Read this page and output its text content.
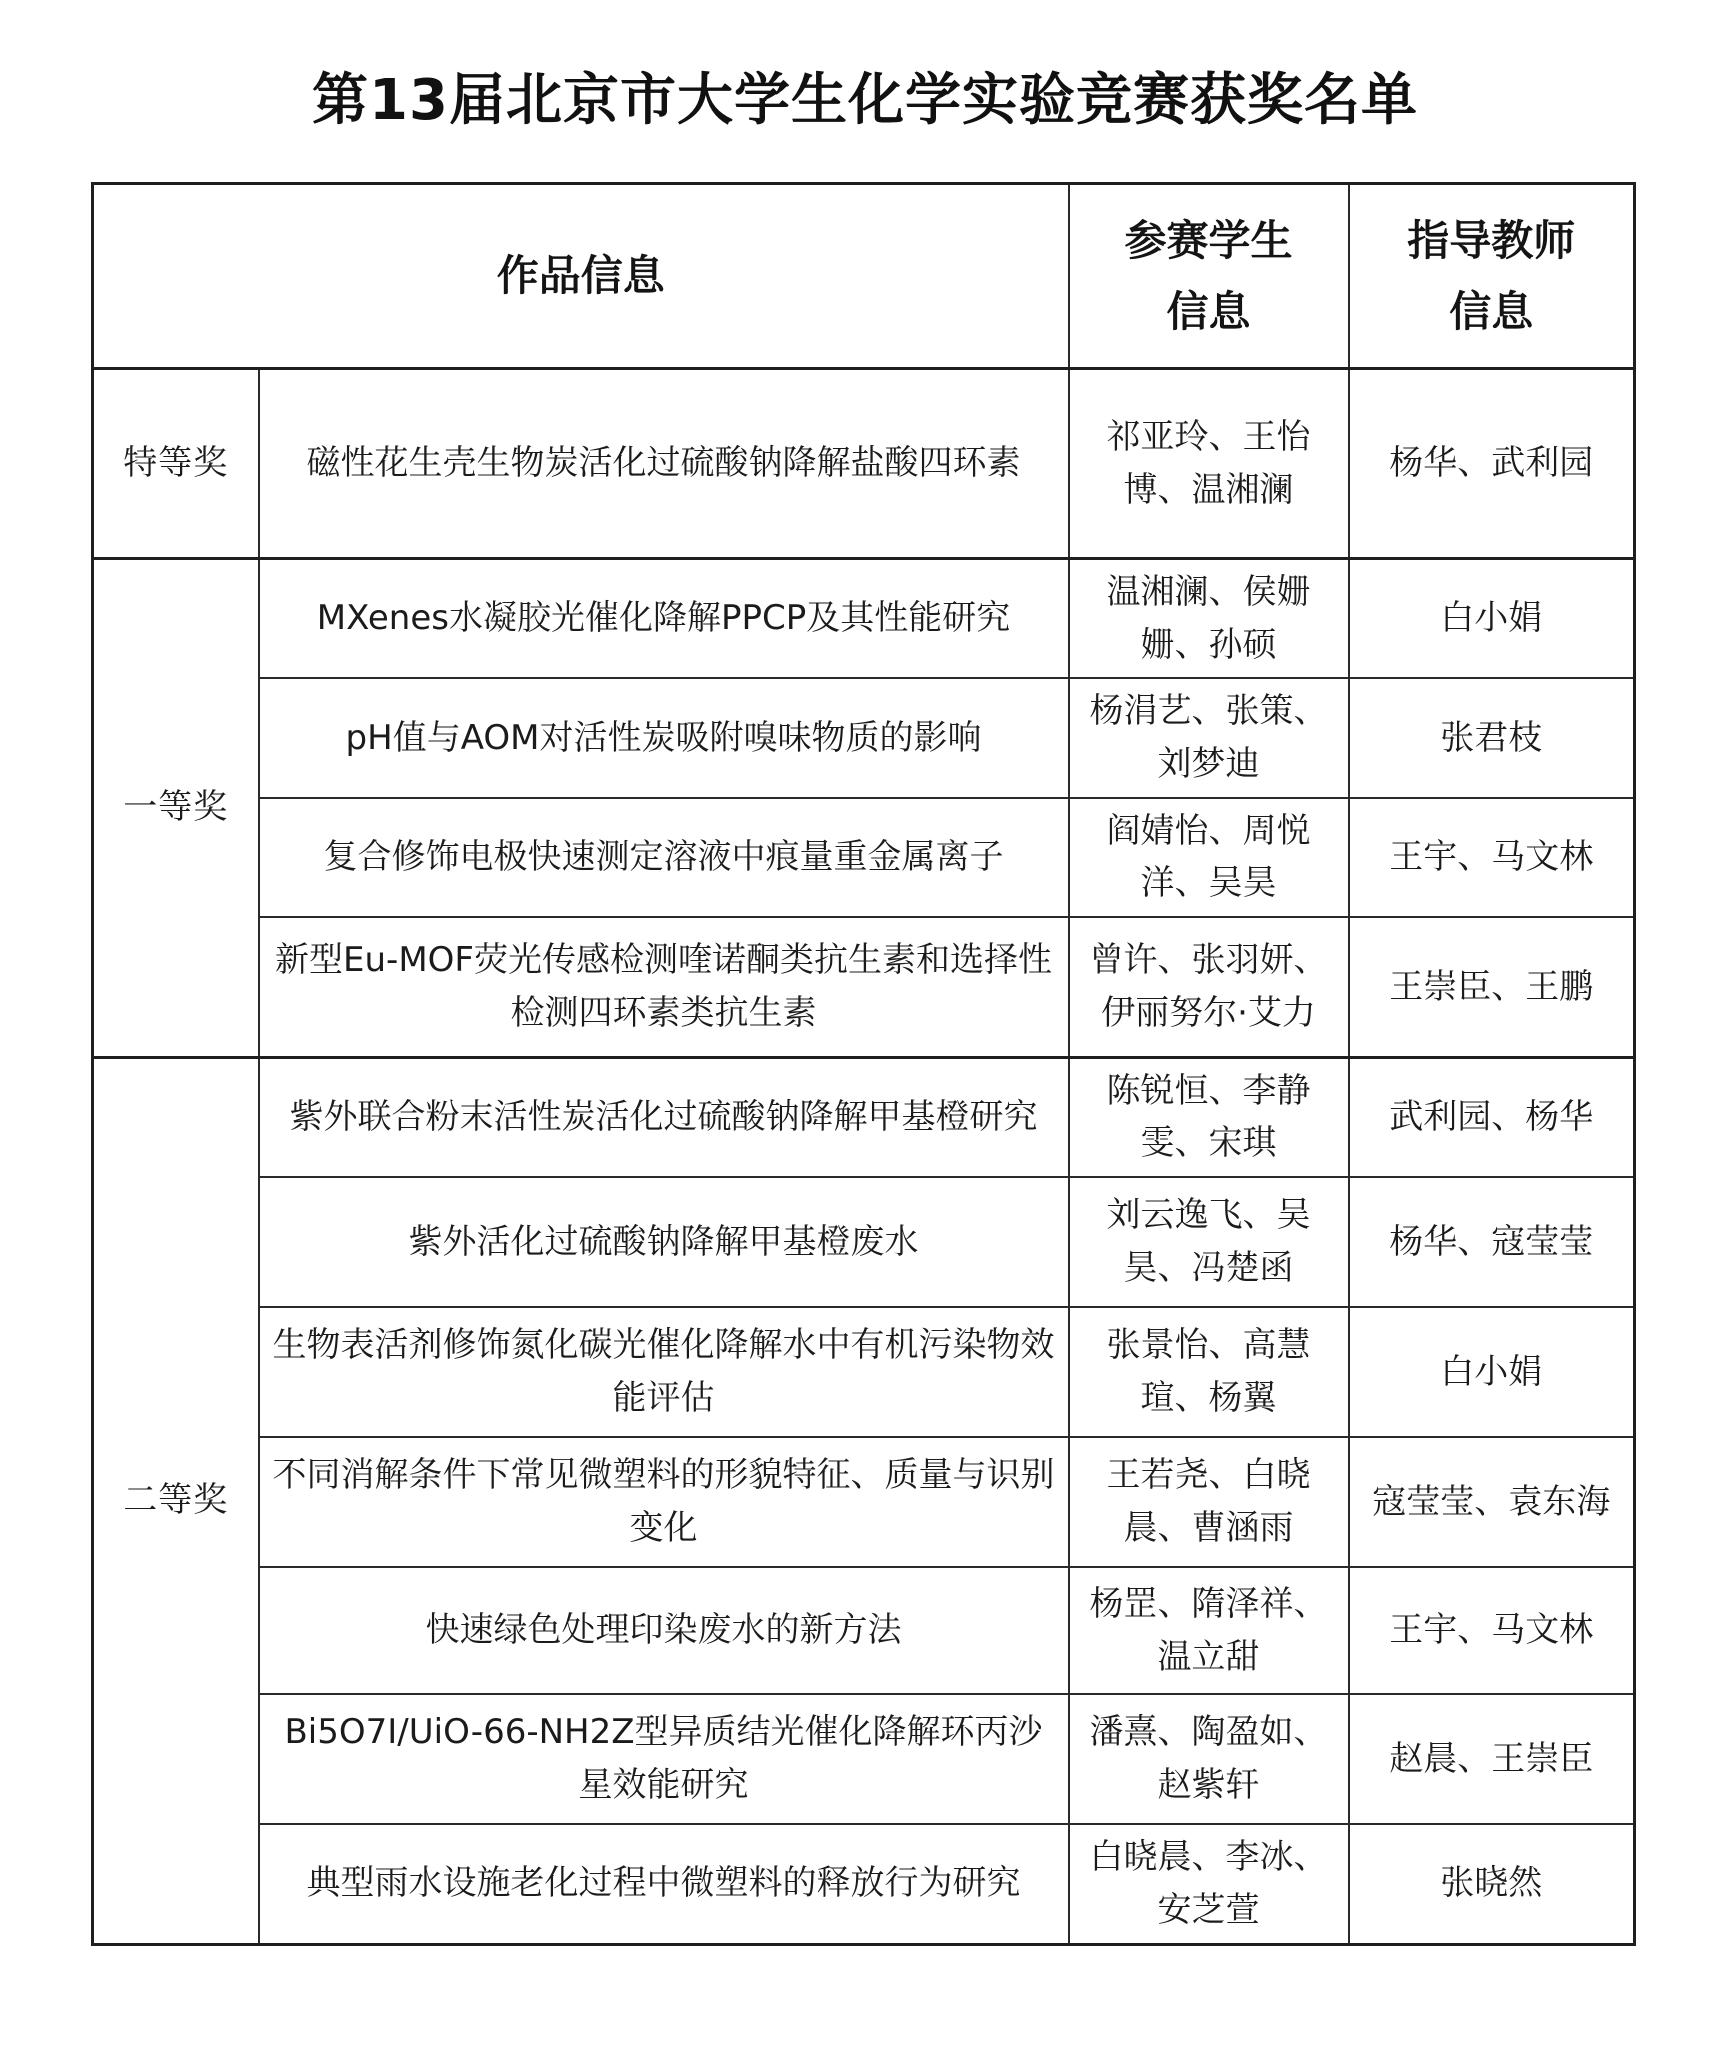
第13届北京市大学生化学实验竞赛获奖名单
作品信息		参赛学生信息	指导教师信息
特等奖	磁性花生壳生物炭活化过硫酸钠降解盐酸四环素	祁亚玲、王怡博、温湘澜	杨华、武利园
一等奖	MXenes水凝胶光催化降解PPCP及其性能研究	温湘澜、侯姗姗、孙硕	白小娟
	pH值与AOM对活性炭吸附嗅味物质的影响	杨涓艺、张策、刘梦迪	张君枝
	复合修饰电极快速测定溶液中痕量重金属离子	阎婧怡、周悦洋、吴昊	王宇、马文林
	新型Eu-MOF荧光传感检测喹诺酮类抗生素和选择性检测四环素类抗生素	曾许、张羽妍、伊丽努尔·艾力	王崇臣、王鹏
二等奖	紫外联合粉末活性炭活化过硫酸钠降解甲基橙研究	陈锐恒、李静雯、宋琪	武利园、杨华
	紫外活化过硫酸钠降解甲基橙废水	刘云逸飞、吴昊、冯楚函	杨华、寇莹莹
	生物表活剂修饰氮化碳光催化降解水中有机污染物效能评估	张景怡、高慧瑄、杨翼	白小娟
	不同消解条件下常见微塑料的形貌特征、质量与识别变化	王若尧、白晓晨、曹涵雨	寇莹莹、袁东海
	快速绿色处理印染废水的新方法	杨罡、隋泽祥、温立甜	王宇、马文林
	Bi5O7I/UiO-66-NH2Z型异质结光催化降解环丙沙星效能研究	潘熹、陶盈如、赵紫轩	赵晨、王崇臣
	典型雨水设施老化过程中微塑料的释放行为研究	白晓晨、李冰、安芝萱	张晓然
